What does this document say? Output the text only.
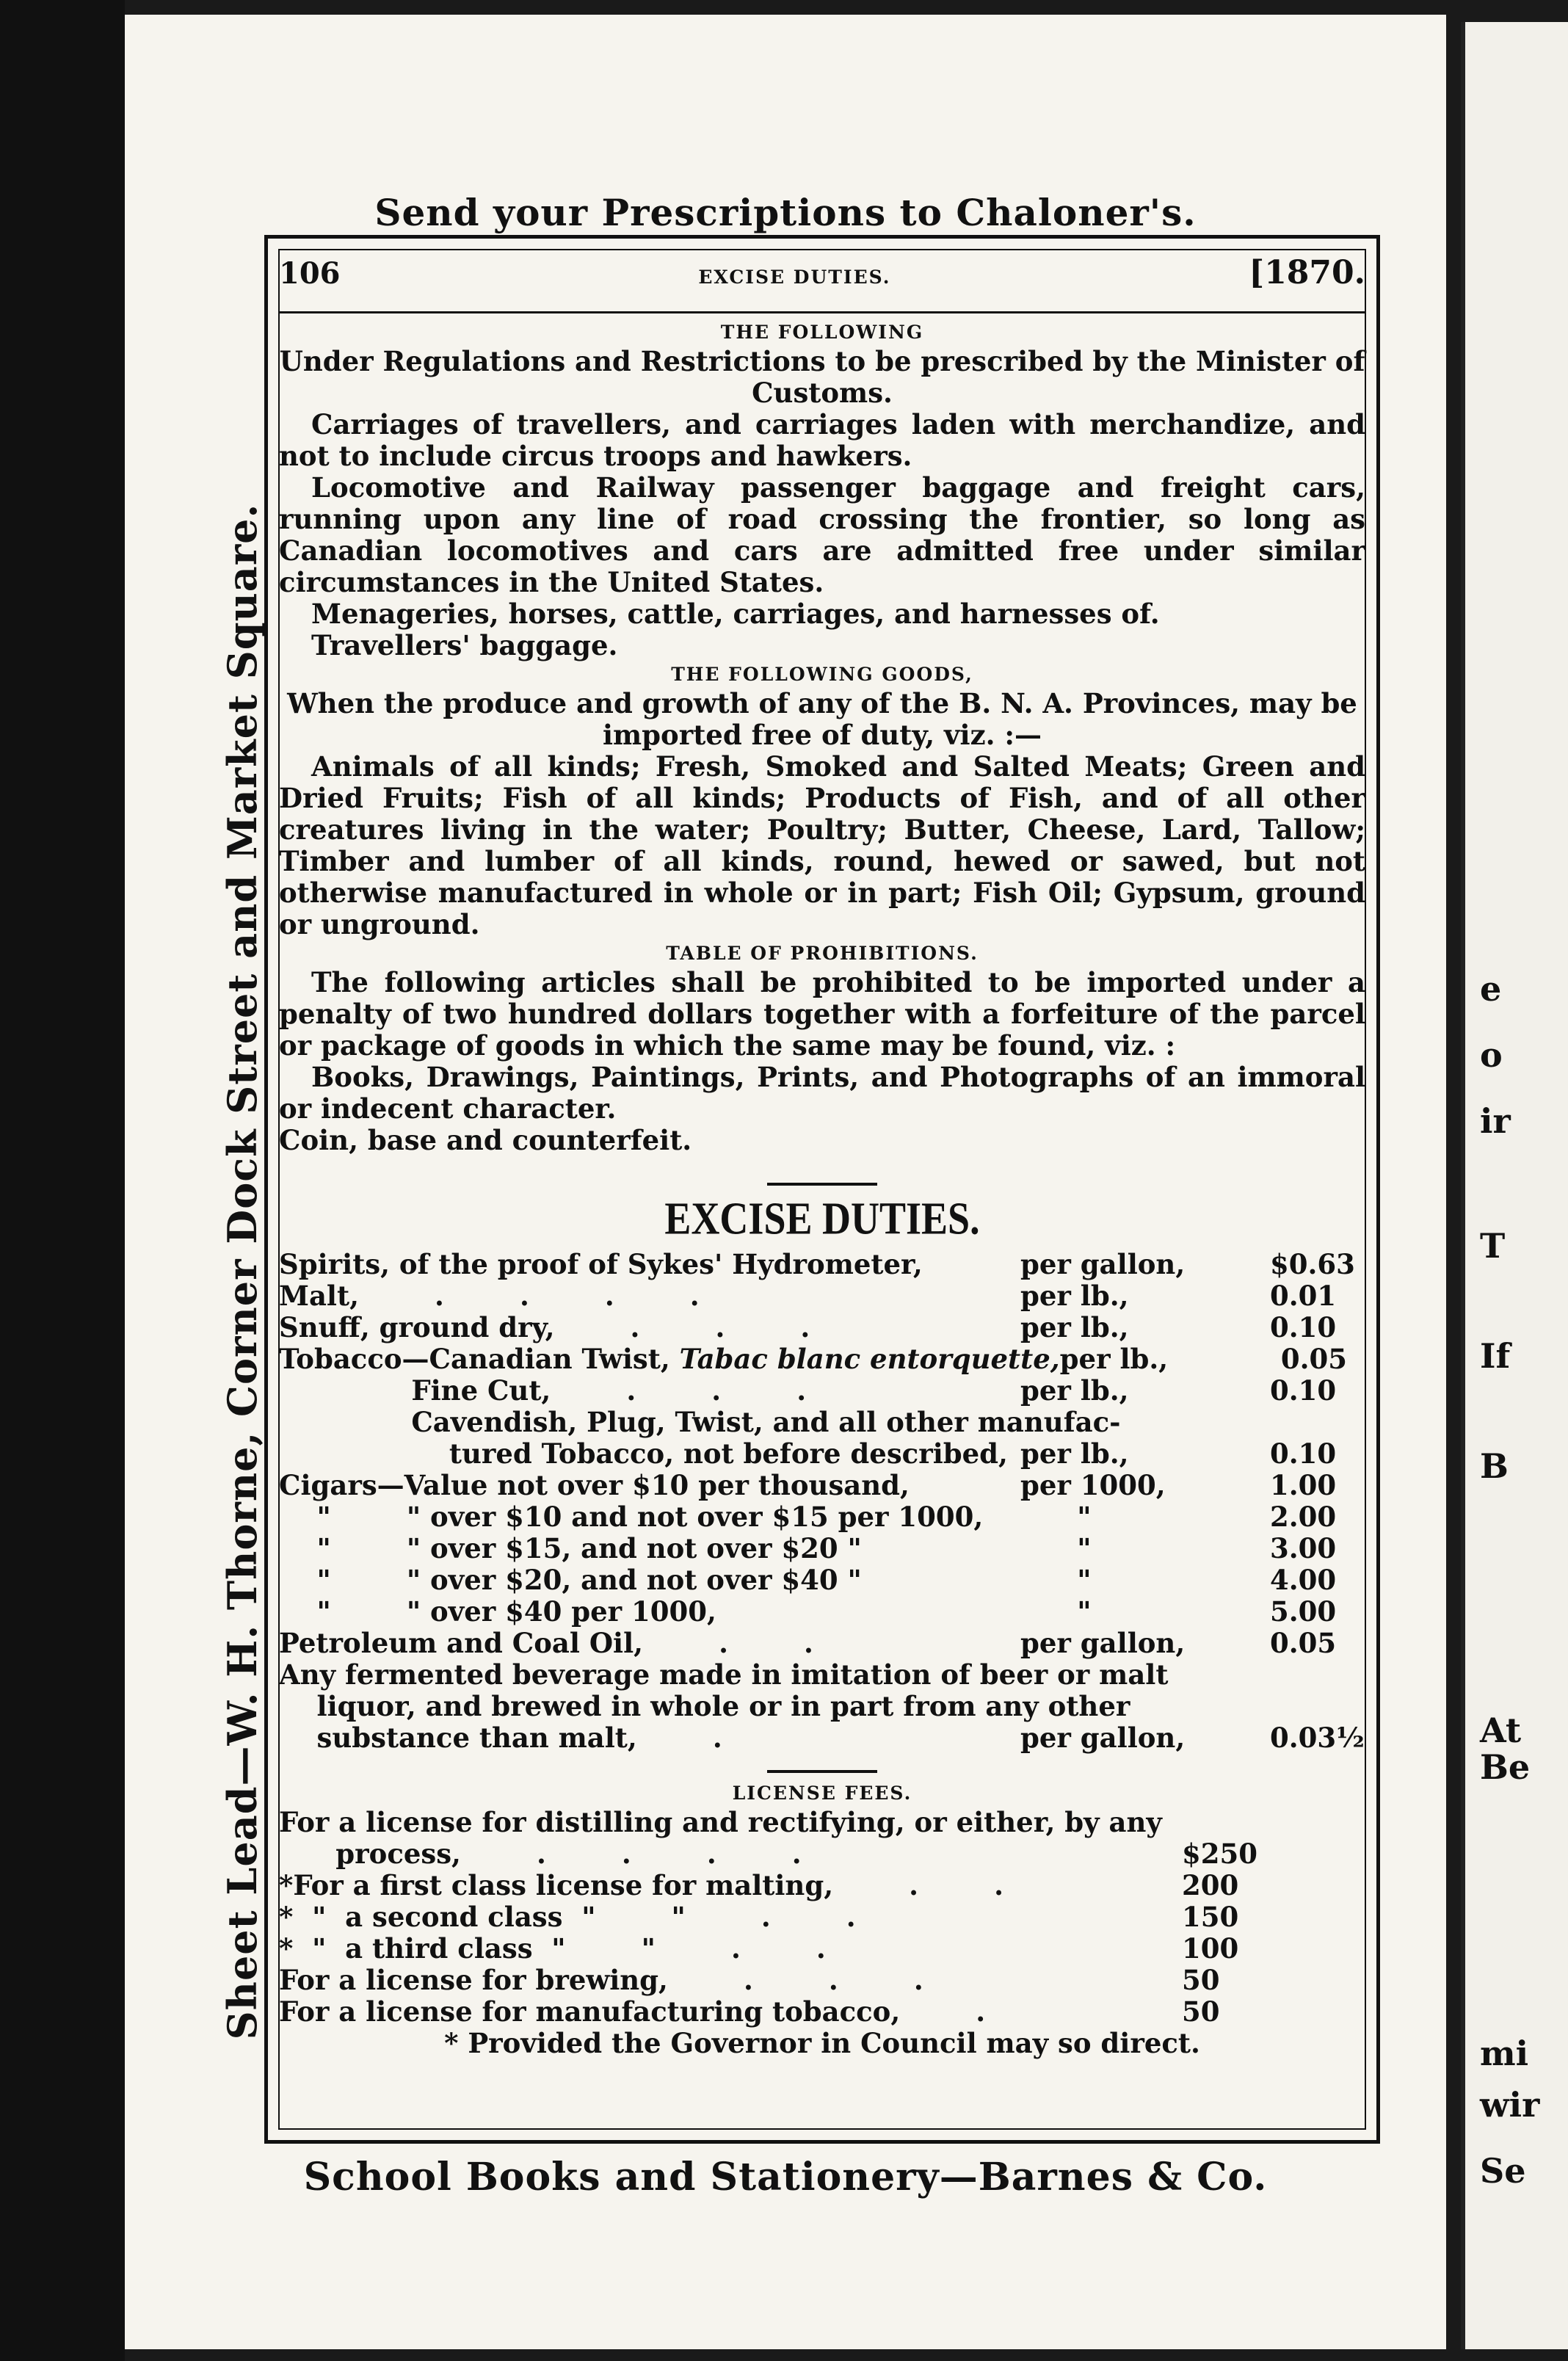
Send your Prescriptions to Chaloner's.
Sheet Lead—W. H. Thorne, Corner Dock Street and Market Square.
106	EXCISE DUTIES.	[1870.
THE FOLLOWING

Under Regulations and Restrictions to be prescribed by the Minister of Customs.

Carriages of travellers, and carriages laden with merchandize, and not to include circus troops and hawkers.

Locomotive and Railway passenger baggage and freight cars, running upon any line of road crossing the frontier, so long as Canadian locomotives and cars are admitted free under similar circumstances in the United States.

Menageries, horses, cattle, carriages, and harnesses of.

Travellers' baggage.

THE FOLLOWING GOODS,

When the produce and growth of any of the B. N. A. Provinces, may be imported free of duty, viz. :—

Animals of all kinds; Fresh, Smoked and Salted Meats; Green and Dried Fruits; Fish of all kinds; Products of Fish, and of all other creatures living in the water; Poultry; Butter, Cheese, Lard, Tallow; Timber and lumber of all kinds, round, hewed or sawed, but not otherwise manufactured in whole or in part; Fish Oil; Gypsum, ground or unground.

TABLE OF PROHIBITIONS.

The following articles shall be prohibited to be imported under a penalty of two hundred dollars together with a forfeiture of the parcel or package of goods in which the same may be found, viz. :

Books, Drawings, Paintings, Prints, and Photographs of an immoral or indecent character.

Coin, base and counterfeit.

EXCISE DUTIES.
Spirits, of the proof of Sykes' Hydrometer,	per gallon,	$0.63
Malt,        .        .        .        .	per lb.,	0.01
Snuff, ground dry,        .        .        .	per lb.,	0.10
Tobacco—Canadian Twist, Tabac blanc entorquette, per lb.,	0.05
Fine Cut,        .        .        .	per lb.,	0.10
Cavendish, Plug, Twist, and all other manufac-
tured Tobacco, not before described, per lb.,	0.10
Cigars—Value not over $10 per thousand,	per 1000,	1.00
"        " over $10 and not over $15 per 1000,	"	2.00
"        " over $15, and not over $20 "	"	3.00
"        " over $20, and not over $40 "	"	4.00
"        " over $40 per 1000,	"	5.00
Petroleum and Coal Oil,        .        .	per gallon,	0.05
Any fermented beverage made in imitation of beer or malt
liquor, and brewed in whole or in part from any other
substance than malt,        .	per gallon,	0.03½
LICENSE FEES.
For a license for distilling and rectifying, or either, by any
process,        .        .        .        .	$250
*For a first class license for malting,        .        .	200
*  "  a second class  "        "        .        .	150
*  "  a third class  "        "        .        .	100
For a license for brewing,        .        .        .	50
For a license for manufacturing tobacco,        .	50

* Provided the Governor in Council may so direct.

School Books and Stationery—Barnes & Co.
e
o
ir
T
If
B
At
Be
mi
wir
Se
